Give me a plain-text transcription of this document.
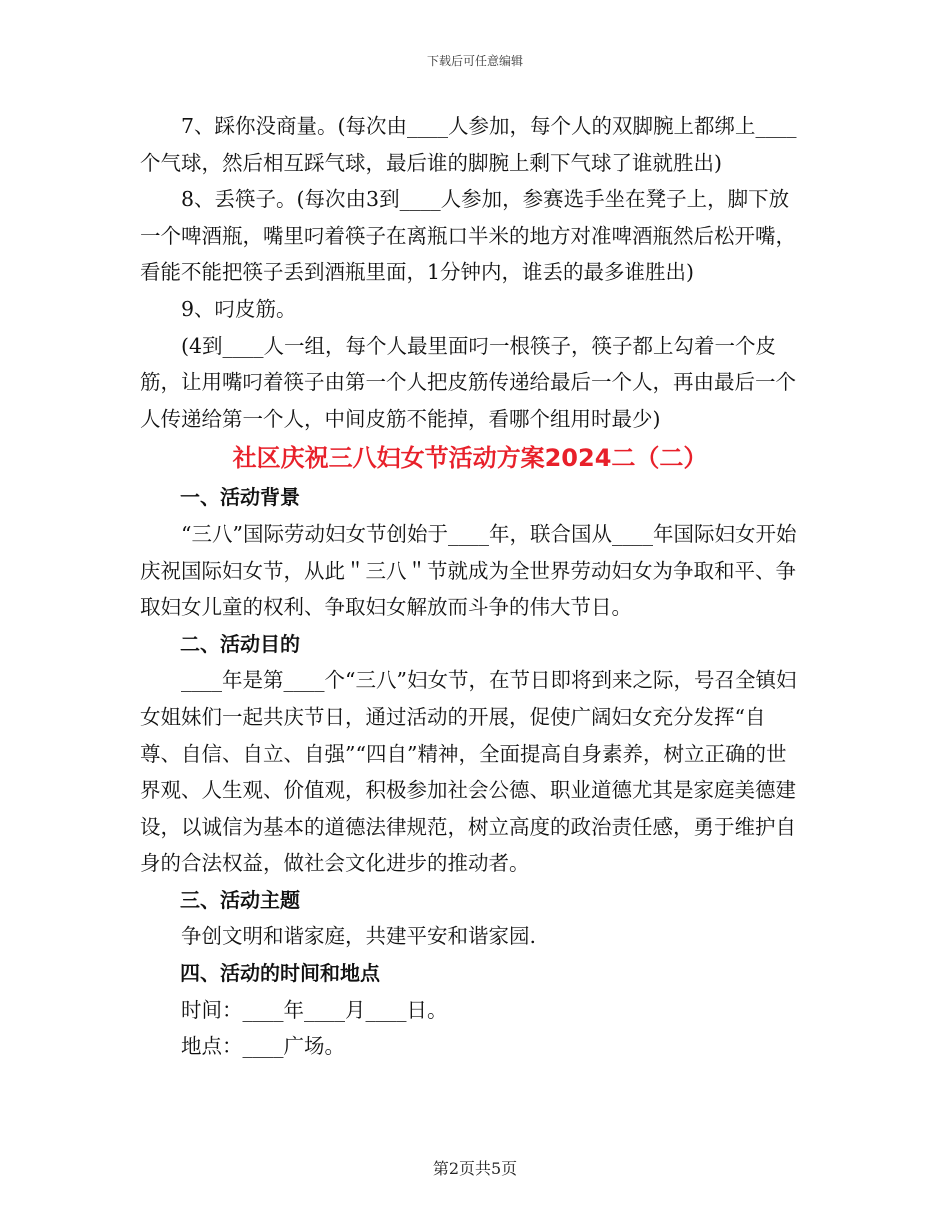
下载后可任意编辑

7、踩你没商量。(每次由____人参加，每个人的双脚腕上都绑上____个气球，然后相互踩气球，最后谁的脚腕上剩下气球了谁就胜出)

8、丢筷子。(每次由3到____人参加，参赛选手坐在凳子上，脚下放一个啤酒瓶，嘴里叼着筷子在离瓶口半米的地方对准啤酒瓶然后松开嘴，看能不能把筷子丢到酒瓶里面，1分钟内，谁丢的最多谁胜出)

9、叼皮筋。

(4到____人一组，每个人最里面叼一根筷子，筷子都上勾着一个皮筋，让用嘴叼着筷子由第一个人把皮筋传递给最后一个人，再由最后一个人传递给第一个人，中间皮筋不能掉，看哪个组用时最少)

社区庆祝三八妇女节活动方案2024二（二）

一、活动背景

“三八”国际劳动妇女节创始于____年，联合国从____年国际妇女开始庆祝国际妇女节，从此＂三八＂节就成为全世界劳动妇女为争取和平、争取妇女儿童的权利、争取妇女解放而斗争的伟大节日。

二、活动目的

____年是第____个“三八”妇女节，在节日即将到来之际，号召全镇妇女姐妹们一起共庆节日，通过活动的开展，促使广阔妇女充分发挥“自尊、自信、自立、自强”“四自”精神，全面提高自身素养，树立正确的世界观、人生观、价值观，积极参加社会公德、职业道德尤其是家庭美德建设，以诚信为基本的道德法律规范，树立高度的政治责任感，勇于维护自身的合法权益，做社会文化进步的推动者。

三、活动主题

争创文明和谐家庭，共建平安和谐家园.

四、活动的时间和地点

时间：____年____月____日。

地点：____广场。

第2页共5页
